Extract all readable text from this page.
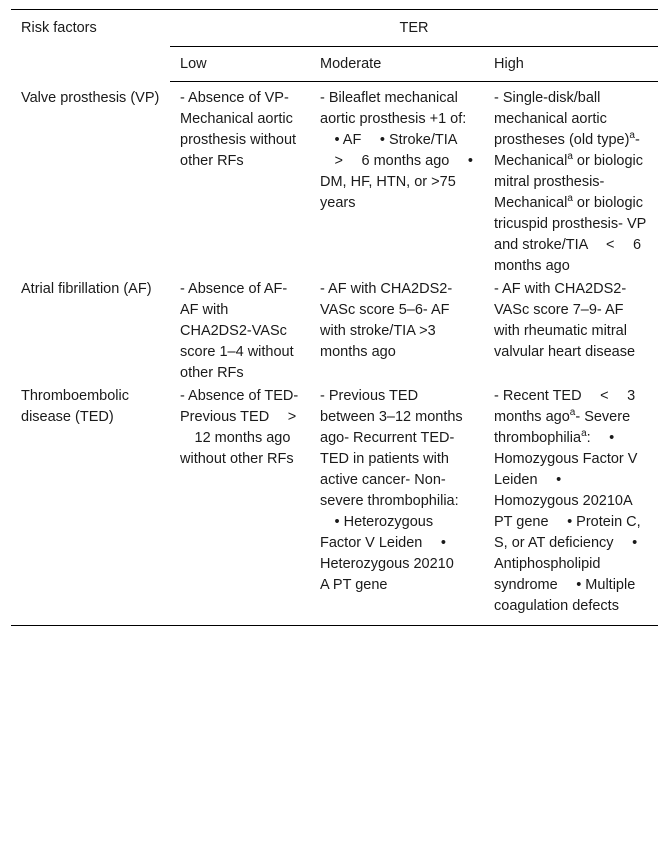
Risk factors	TER		
	Low	Moderate	High
Valve prosthesis (VP)	- Absence of VP- Mechanical aortic prosthesis without other RFs	- Bileaflet mechanical aortic prosthesis +1 of:  • AF  • Stroke/TIA  >  6 months ago  • DM, HF, HTN, or >75 years	- Single-disk/ball mechanical aortic prostheses (old type)$^a$- Mechanical$^a$ or biologic mitral prosthesis- Mechanical$^a$ or biologic tricuspid prosthesis- VP and stroke/TIA  <  6 months ago
Atrial fibrillation (AF)	- Absence of AF- AF with CHA2DS2-VASc score 1–4 without other RFs	- AF with CHA2DS2-VASc score 5–6- AF with stroke/TIA >3 months ago	- AF with CHA2DS2-VASc score 7–9- AF with rheumatic mitral valvular heart disease
Thromboembolic disease (TED)	- Absence of TED- Previous TED  >  12 months ago without other RFs	- Previous TED between 3–12 months ago- Recurrent TED- TED in patients with active cancer- Non-severe thrombophilia:  • Heterozygous Factor V Leiden  • Heterozygous 20210  A PT gene	- Recent TED  <  3 months ago$^a$- Severe thrombophilia$^a$:  • Homozygous Factor V Leiden  • Homozygous 20210A PT gene  • Protein C, S, or AT deficiency  • Antiphospholipid syndrome  • Multiple coagulation defects
